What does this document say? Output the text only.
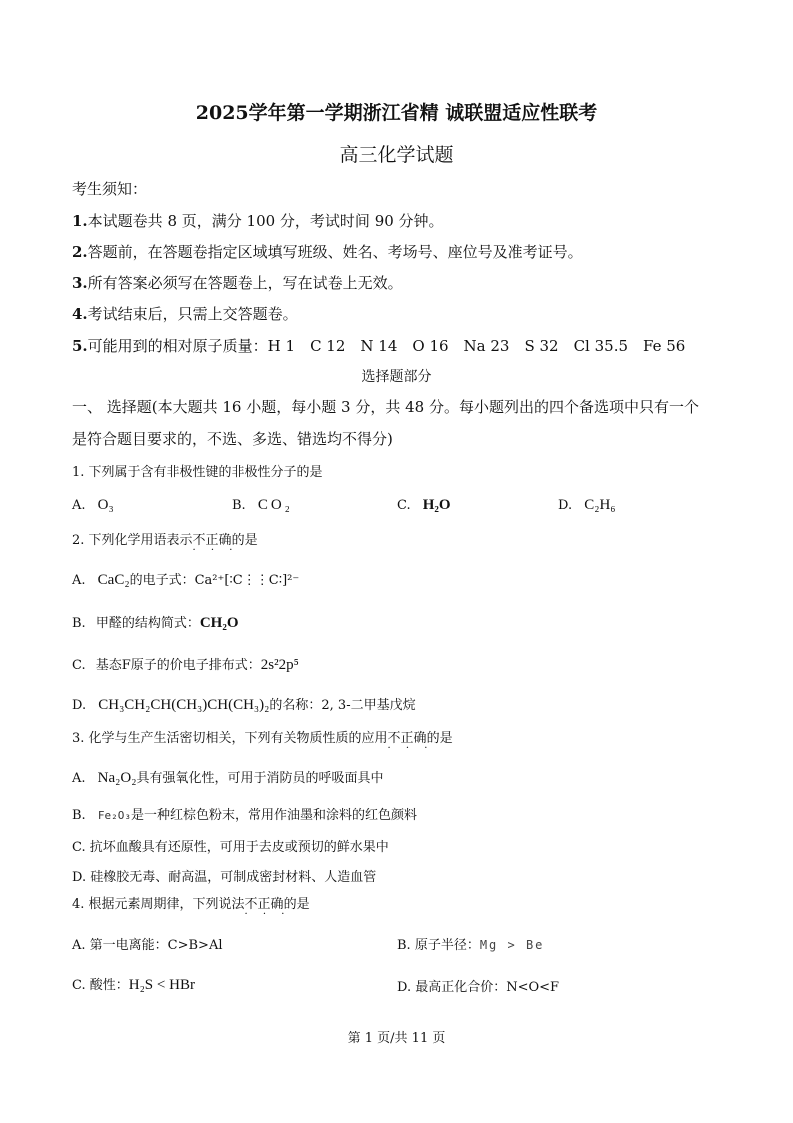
2025学年第一学期浙江省精 诚联盟适应性联考
高三化学试题
考生须知：
1.本试题卷共 8 页，满分 100 分，考试时间 90 分钟。
2.答题前，在答题卷指定区域填写班级、姓名、考场号、座位号及准考证号。
3.所有答案必须写在答题卷上，写在试卷上无效。
4.考试结束后，只需上交答题卷。
5.可能用到的相对原子质量：H 1　C 12　N 14　O 16　Na 23　S 32　Cl 35.5　Fe 56
选择题部分
一、 选择题(本大题共 16 小题，每小题 3 分，共 48 分。每小题列出的四个备选项中只有一个
是符合题目要求的，不选、多选、错选均不得分)
1. 下列属于含有非极性键的非极性分子的是
A. O₃	B. CO₂	C. H₂O	D. C₂H₆
2. 下列化学用语表示不正确
· · ·
的是
A. CaC₂的电子式：Ca²⁺[∶C⋮⋮C∶]²⁻
B. 甲醛的结构简式：CH₂O
C. 基态F原子的价电子排布式：2s²2p⁵
D. CH₃CH₂CH(CH₃)CH(CH₃)₂的名称：2, 3-二甲基戊烷
3. 化学与生产生活密切相关，下列有关物质性质的应用不正确
· · ·
的是
A. Na₂O₂具有强氧化性，可用于消防员的呼吸面具中
B. Fe₂O₃是一种红棕色粉末，常用作油墨和涂料的红色颜料
C. 抗坏血酸具有还原性，可用于去皮或预切的鲜水果中
D. 硅橡胶无毒、耐高温，可制成密封材料、人造血管
4. 根据元素周期律，下列说法不正确
· · ·
的是
A. 第一电离能：C>B>Al	B. 原子半径：Mg > Be
C. 酸性：H₂S < HBr	D. 最高正化合价：N<O<F
第 1 页/共 11 页
